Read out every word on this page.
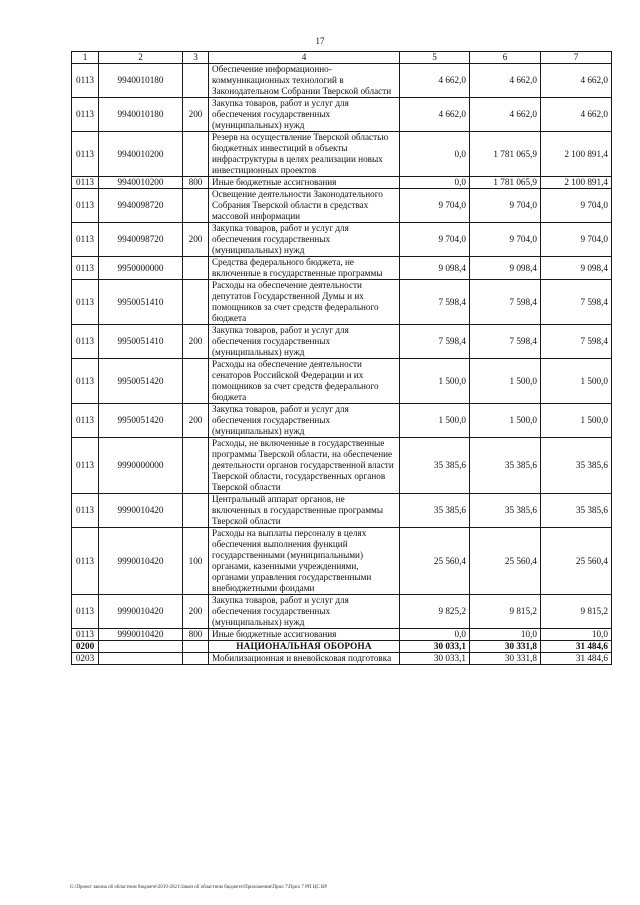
17
1	2	3	4	5	6	7
0113	9940010180		Обеспечение информационно-коммуникационных технологий в Законодательном Собрании Тверской области	4 662,0	4 662,0	4 662,0
0113	9940010180	200	Закупка товаров, работ и услуг для обеспечения государственных (муниципальных) нужд	4 662,0	4 662,0	4 662,0
0113	9940010200		Резерв на осуществление Тверской областью бюджетных инвестиций в объекты инфраструктуры в целях реализации новых инвестиционных проектов	0,0	1 781 065,9	2 100 891,4
0113	9940010200	800	Иные бюджетные ассигнования	0,0	1 781 065,9	2 100 891,4
0113	9940098720		Освещение деятельности Законодательного Собрания Тверской области в средствах массовой информации	9 704,0	9 704,0	9 704,0
0113	9940098720	200	Закупка товаров, работ и услуг для обеспечения государственных (муниципальных) нужд	9 704,0	9 704,0	9 704,0
0113	9950000000		Средства федерального бюджета, не включенные в государственные программы	9 098,4	9 098,4	9 098,4
0113	9950051410		Расходы на обеспечение деятельности депутатов Государственной Думы и их помощников за счет средств федерального бюджета	7 598,4	7 598,4	7 598,4
0113	9950051410	200	Закупка товаров, работ и услуг для обеспечения государственных (муниципальных) нужд	7 598,4	7 598,4	7 598,4
0113	9950051420		Расходы на обеспечение деятельности сенаторов Российской Федерации и их помощников за счет средств федерального бюджета	1 500,0	1 500,0	1 500,0
0113	9950051420	200	Закупка товаров, работ и услуг для обеспечения государственных (муниципальных) нужд	1 500,0	1 500,0	1 500,0
0113	9990000000		Расходы, не включенные в государственные программы Тверской области, на обеспечение деятельности органов государственной власти Тверской области, государственных органов Тверской области	35 385,6	35 385,6	35 385,6
0113	9990010420		Центральный аппарат органов, не включенных в государственные программы Тверской области	35 385,6	35 385,6	35 385,6
0113	9990010420	100	Расходы на выплаты персоналу в целях обеспечения выполнения функций государственными (муниципальными) органами, казенными учреждениями, органами управления государственными внебюджетными фондами	25 560,4	25 560,4	25 560,4
0113	9990010420	200	Закупка товаров, работ и услуг для обеспечения государственных (муниципальных) нужд	9 825,2	9 815,2	9 815,2
0113	9990010420	800	Иные бюджетные ассигнования	0,0	10,0	10,0
0200			НАЦИОНАЛЬНАЯ ОБОРОНА	30 033,1	30 331,8	31 484,6
0203			Мобилизационная и вневойсковая подготовка	30 033,1	30 331,8	31 484,6
G:\Проект закона об областном бюджете\2019-2021\Закон об областном бюджете\Приложения\Прил 7\Прил 7 РП ЦС ВР
